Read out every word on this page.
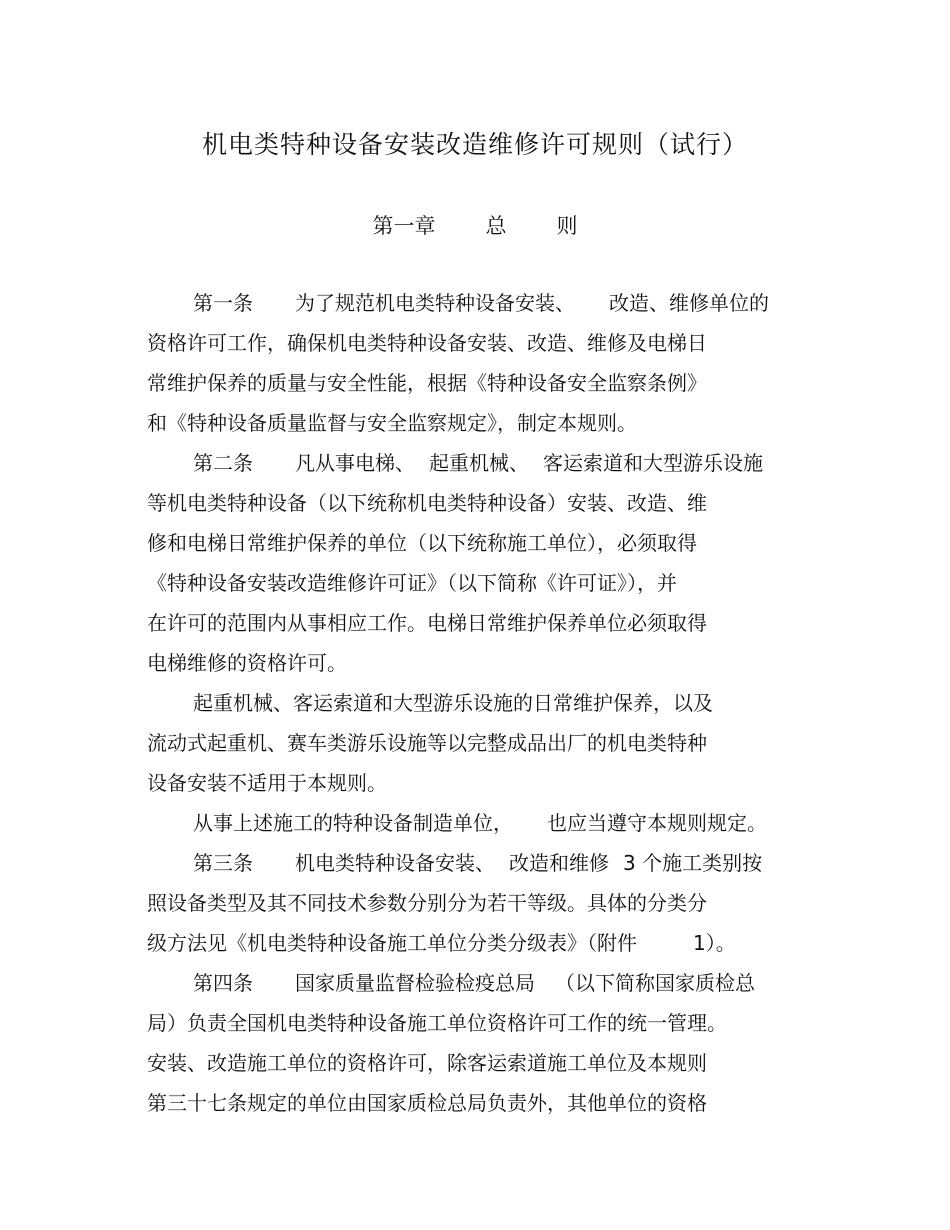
机电类特种设备安装改造维修许可规则（试行）
第一章 总 则
第一条 为了规范机电类特种设备安装、 改造、维修单位的
资格许可工作，确保机电类特种设备安装、改造、维修及电梯日
常维护保养的质量与安全性能，根据《特种设备安全监察条例》
和《特种设备质量监督与安全监察规定》，制定本规则。
第二条 凡从事电梯、 起重机械、 客运索道和大型游乐设施
等机电类特种设备（以下统称机电类特种设备）安装、改造、维
修和电梯日常维护保养的单位（以下统称施工单位），必须取得
《特种设备安装改造维修许可证》（以下简称《许可证》），并
在许可的范围内从事相应工作。电梯日常维护保养单位必须取得
电梯维修的资格许可。
起重机械、客运索道和大型游乐设施的日常维护保养，以及
流动式起重机、赛车类游乐设施等以完整成品出厂的机电类特种
设备安装不适用于本规则。
从事上述施工的特种设备制造单位， 也应当遵守本规则规定。
第三条 机电类特种设备安装、 改造和维修 3 个施工类别按
照设备类型及其不同技术参数分别分为若干等级。具体的分类分
级方法见《机电类特种设备施工单位分类分级表》（附件	1）。
第四条 国家质量监督检验检疫总局 （以下简称国家质检总
局）负责全国机电类特种设备施工单位资格许可工作的统一管理。
安装、改造施工单位的资格许可，除客运索道施工单位及本规则
第三十七条规定的单位由国家质检总局负责外，其他单位的资格
